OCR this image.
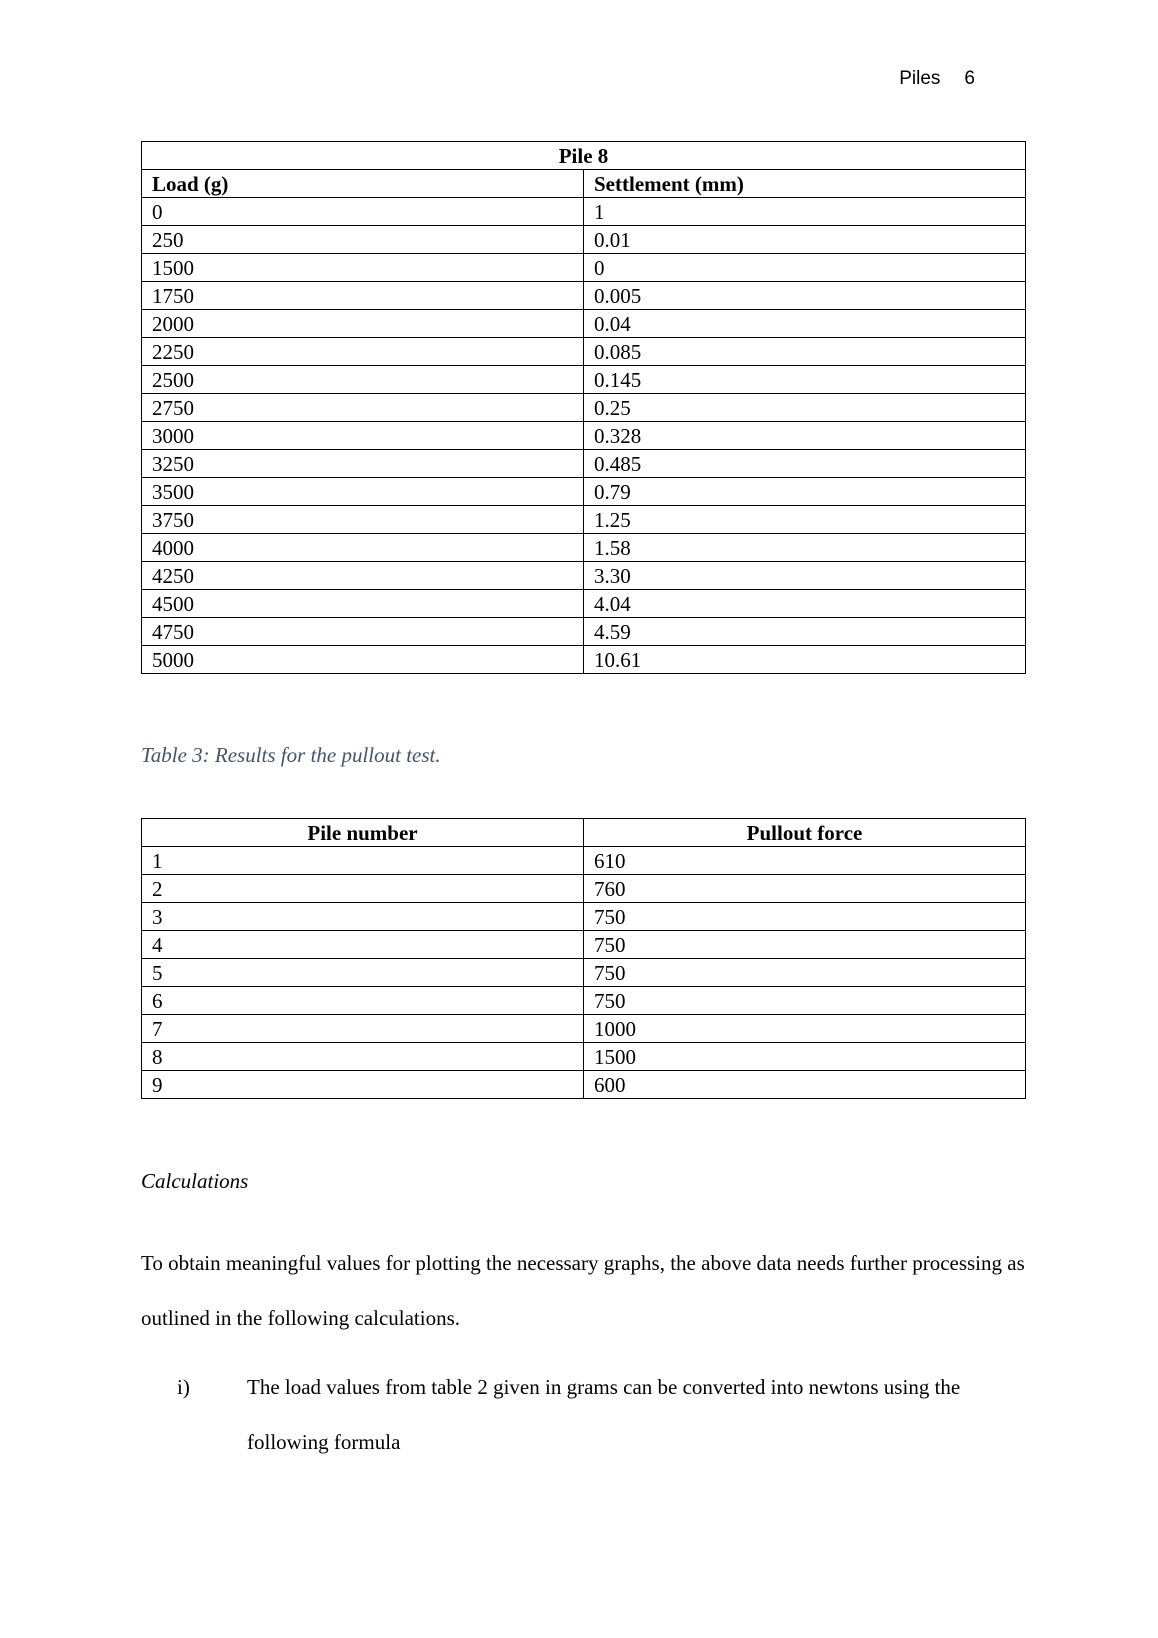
Piles 6
Pile 8	
Load (g)	Settlement (mm)
0	1
250	0.01
1500	0
1750	0.005
2000	0.04
2250	0.085
2500	0.145
2750	0.25
3000	0.328
3250	0.485
3500	0.79
3750	1.25
4000	1.58
4250	3.30
4500	4.04
4750	4.59
5000	10.61
Table 3: Results for the pullout test.
Pile number	Pullout force
1	610
2	760
3	750
4	750
5	750
6	750
7	1000
8	1500
9	600
Calculations
To obtain meaningful values for plotting the necessary graphs, the above data needs further processing as outlined in the following calculations.
i)	The load values from table 2 given in grams can be converted into newtons using the following formula
